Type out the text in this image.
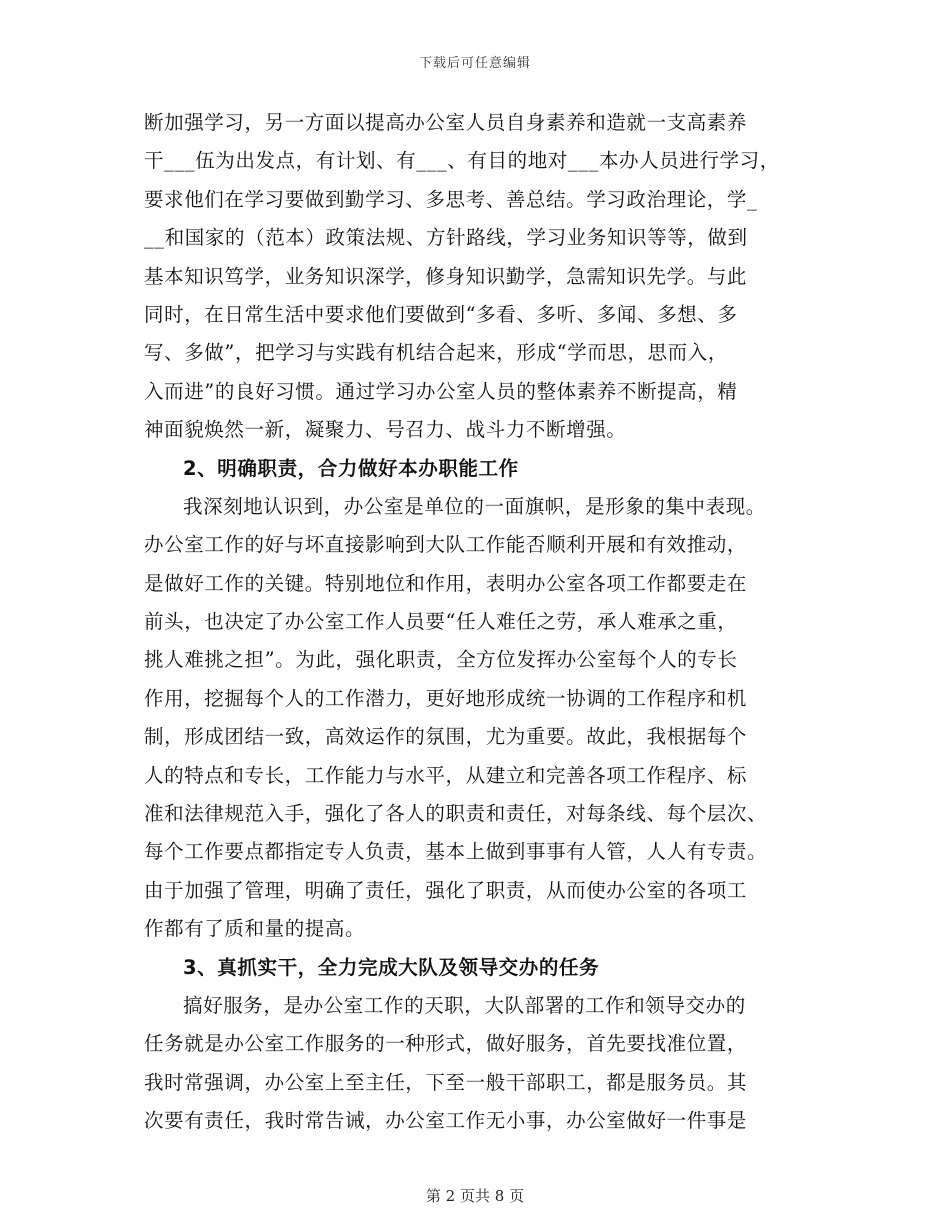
下载后可任意编辑
断加强学习，另一方面以提高办公室人员自身素养和造就一支高素养
干___伍为出发点，有计划、有___、有目的地对___本办人员进行学习，
要求他们在学习要做到勤学习、多思考、善总结。学习政治理论，学_
__和国家的（范本）政策法规、方针路线，学习业务知识等等，做到
基本知识笃学，业务知识深学，修身知识勤学，急需知识先学。与此
同时，在日常生活中要求他们要做到“多看、多听、多闻、多想、多
写、多做”，把学习与实践有机结合起来，形成“学而思，思而入，
入而进”的良好习惯。通过学习办公室人员的整体素养不断提高，精
神面貌焕然一新，凝聚力、号召力、战斗力不断增强。
2、明确职责，合力做好本办职能工作
我深刻地认识到，办公室是单位的一面旗帜，是形象的集中表现。
办公室工作的好与坏直接影响到大队工作能否顺利开展和有效推动，
是做好工作的关键。特别地位和作用，表明办公室各项工作都要走在
前头，也决定了办公室工作人员要“任人难任之劳，承人难承之重，
挑人难挑之担”。为此，强化职责，全方位发挥办公室每个人的专长
作用，挖掘每个人的工作潜力，更好地形成统一协调的工作程序和机
制，形成团结一致，高效运作的氛围，尤为重要。故此，我根据每个
人的特点和专长，工作能力与水平，从建立和完善各项工作程序、标
准和法律规范入手，强化了各人的职责和责任，对每条线、每个层次、
每个工作要点都指定专人负责，基本上做到事事有人管，人人有专责。
由于加强了管理，明确了责任，强化了职责，从而使办公室的各项工
作都有了质和量的提高。
3、真抓实干，全力完成大队及领导交办的任务
搞好服务，是办公室工作的天职，大队部署的工作和领导交办的
任务就是办公室工作服务的一种形式，做好服务，首先要找准位置，
我时常强调，办公室上至主任，下至一般干部职工，都是服务员。其
次要有责任，我时常告诫，办公室工作无小事，办公室做好一件事是
第 2 页共 8 页
